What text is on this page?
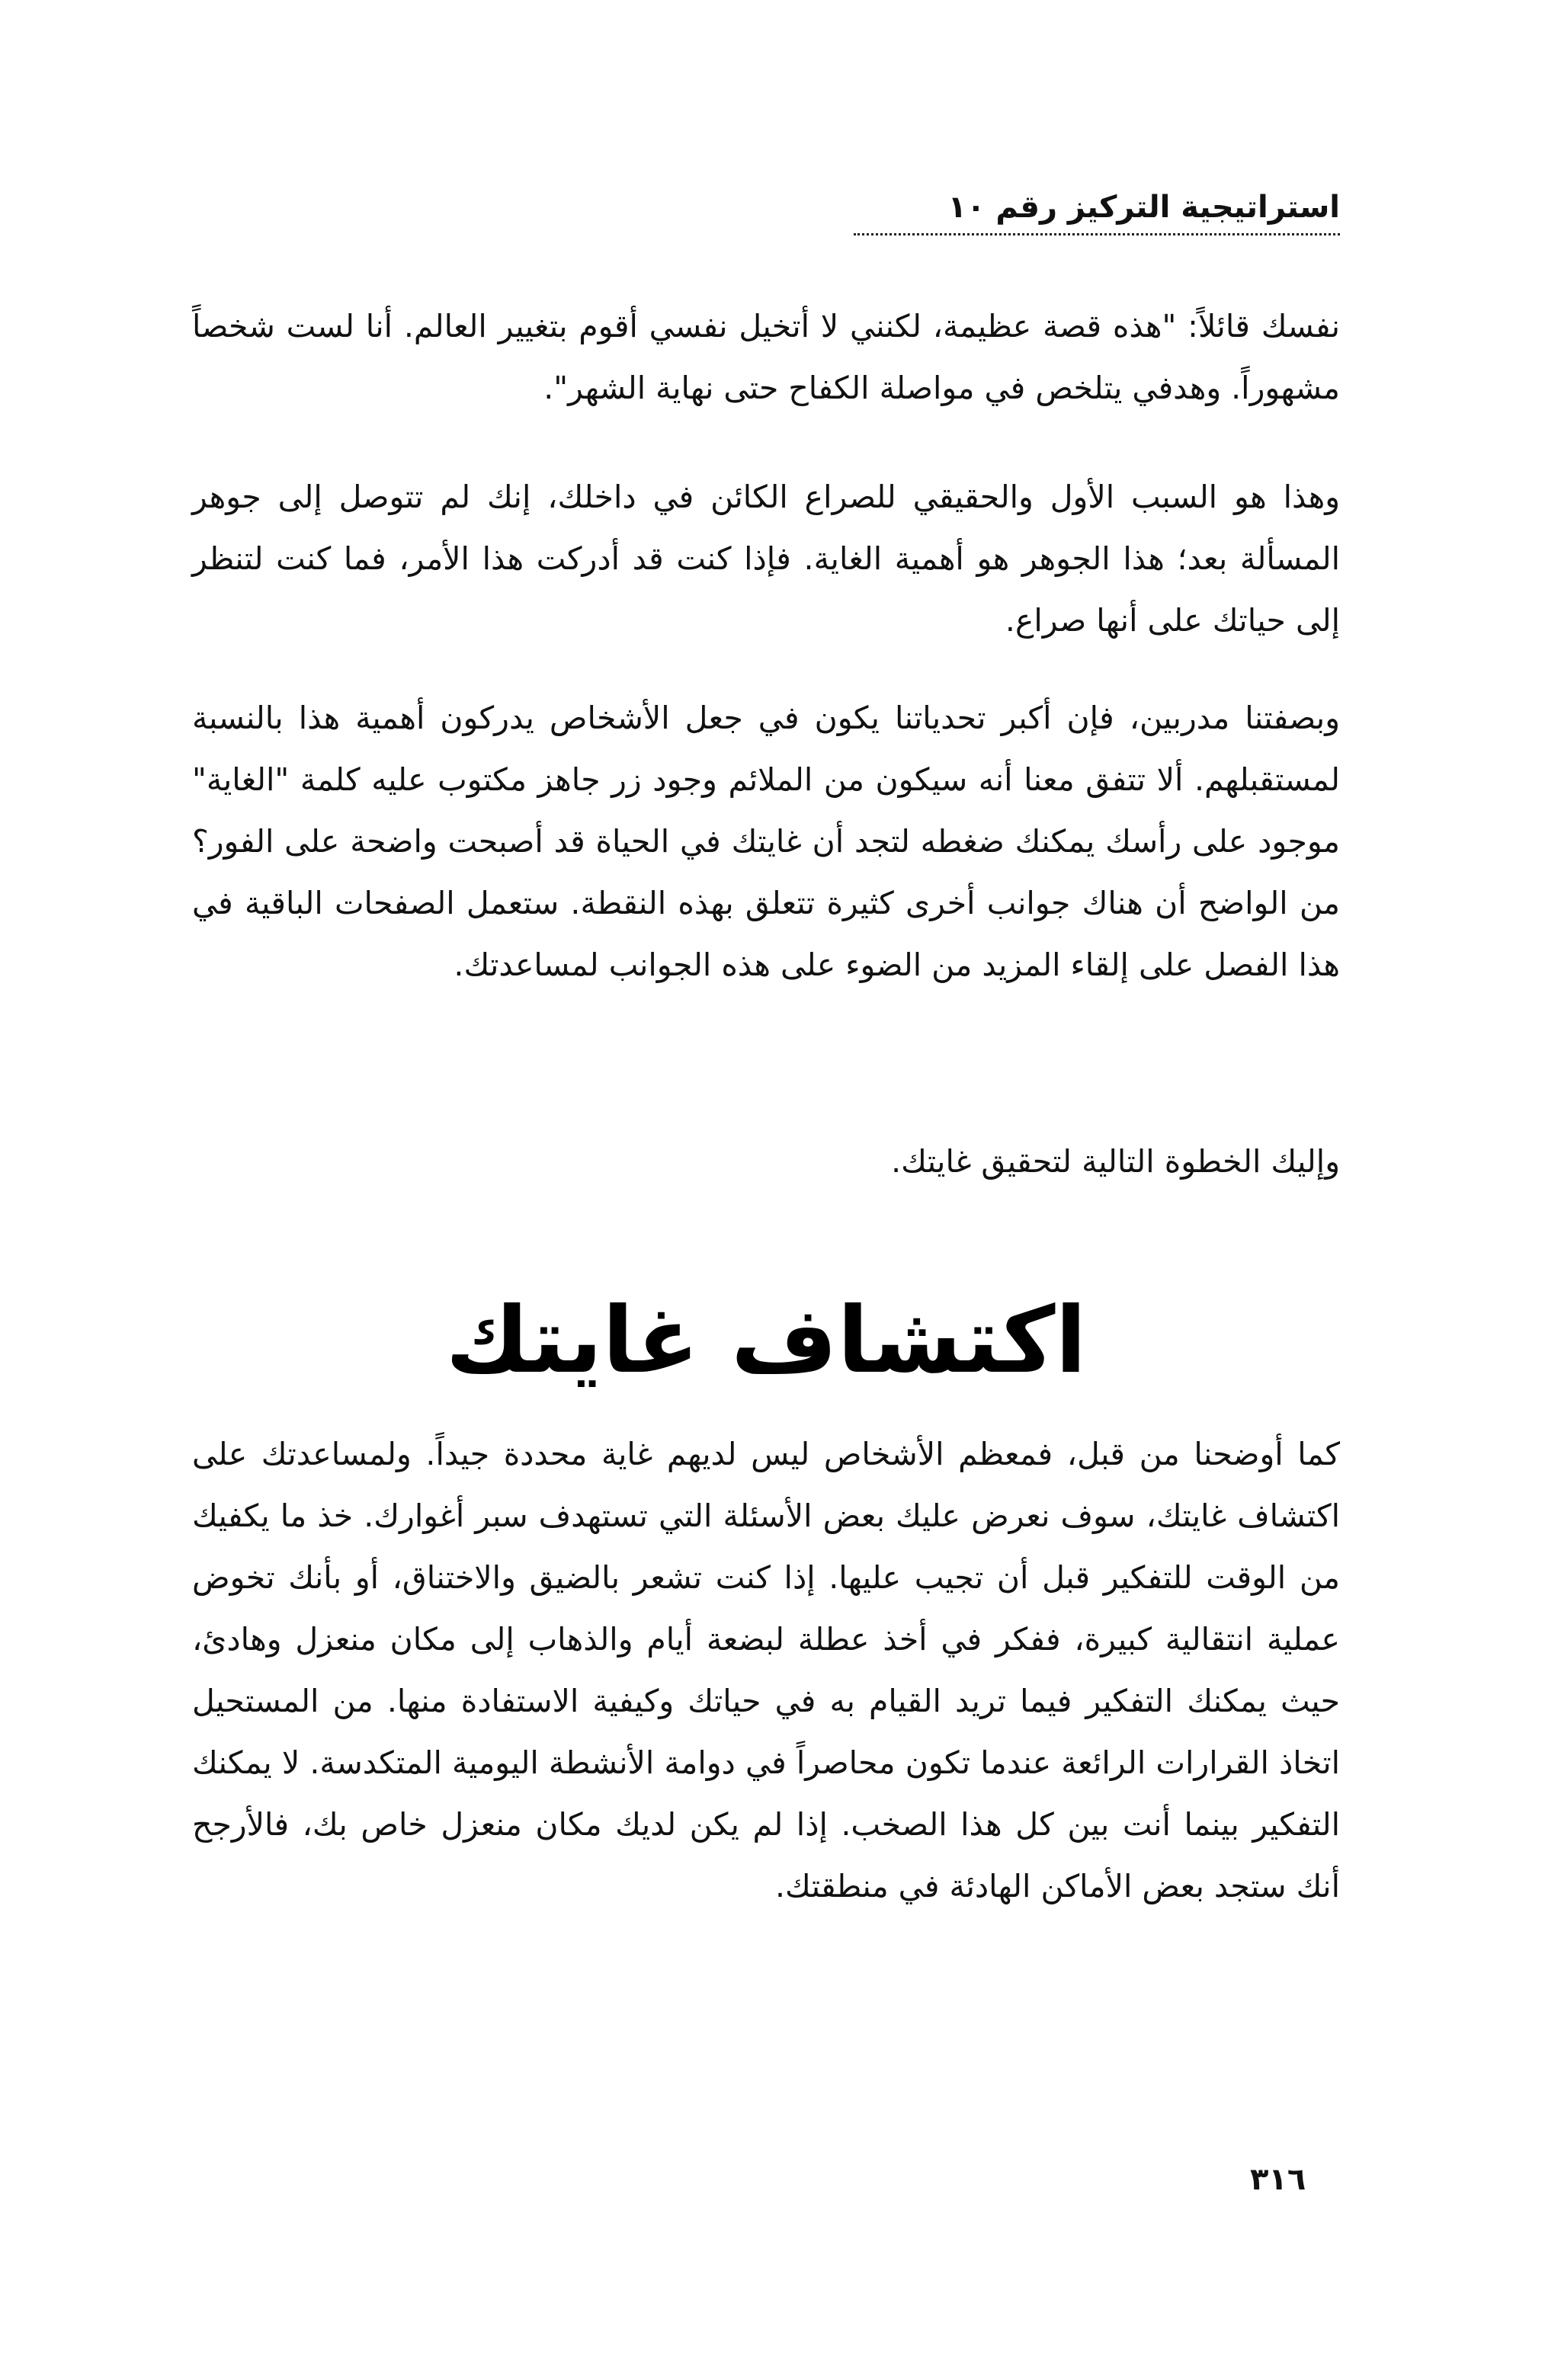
استراتيجية التركيز رقم ١٠

نفسك قائلاً: "هذه قصة عظيمة، لكنني لا أتخيل نفسي أقوم بتغيير العالم. أنا لست شخصاً مشهوراً. وهدفي يتلخص في مواصلة الكفاح حتى نهاية الشهر".

وهذا هو السبب الأول والحقيقي للصراع الكائن في داخلك، إنك لم تتوصل إلى جوهر المسألة بعد؛ هذا الجوهر هو أهمية الغاية. فإذا كنت قد أدركت هذا الأمر، فما كنت لتنظر إلى حياتك على أنها صراع.

وبصفتنا مدربين، فإن أكبر تحدياتنا يكون في جعل الأشخاص يدركون أهمية هذا بالنسبة لمستقبلهم. ألا تتفق معنا أنه سيكون من الملائم وجود زر جاهز مكتوب عليه كلمة "الغاية" موجود على رأسك يمكنك ضغطه لتجد أن غايتك في الحياة قد أصبحت واضحة على الفور؟ من الواضح أن هناك جوانب أخرى كثيرة تتعلق بهذه النقطة. ستعمل الصفحات الباقية في هذا الفصل على إلقاء المزيد من الضوء على هذه الجوانب لمساعدتك.

وإليك الخطوة التالية لتحقيق غايتك.

اكتشاف غايتك

كما أوضحنا من قبل، فمعظم الأشخاص ليس لديهم غاية محددة جيداً. ولمساعدتك على اكتشاف غايتك، سوف نعرض عليك بعض الأسئلة التي تستهدف سبر أغوارك. خذ ما يكفيك من الوقت للتفكير قبل أن تجيب عليها. إذا كنت تشعر بالضيق والاختناق، أو بأنك تخوض عملية انتقالية كبيرة، ففكر في أخذ عطلة لبضعة أيام والذهاب إلى مكان منعزل وهادئ، حيث يمكنك التفكير فيما تريد القيام به في حياتك وكيفية الاستفادة منها. من المستحيل اتخاذ القرارات الرائعة عندما تكون محاصراً في دوامة الأنشطة اليومية المتكدسة. لا يمكنك التفكير بينما أنت بين كل هذا الصخب. إذا لم يكن لديك مكان منعزل خاص بك، فالأرجح أنك ستجد بعض الأماكن الهادئة في منطقتك.

٣١٦
